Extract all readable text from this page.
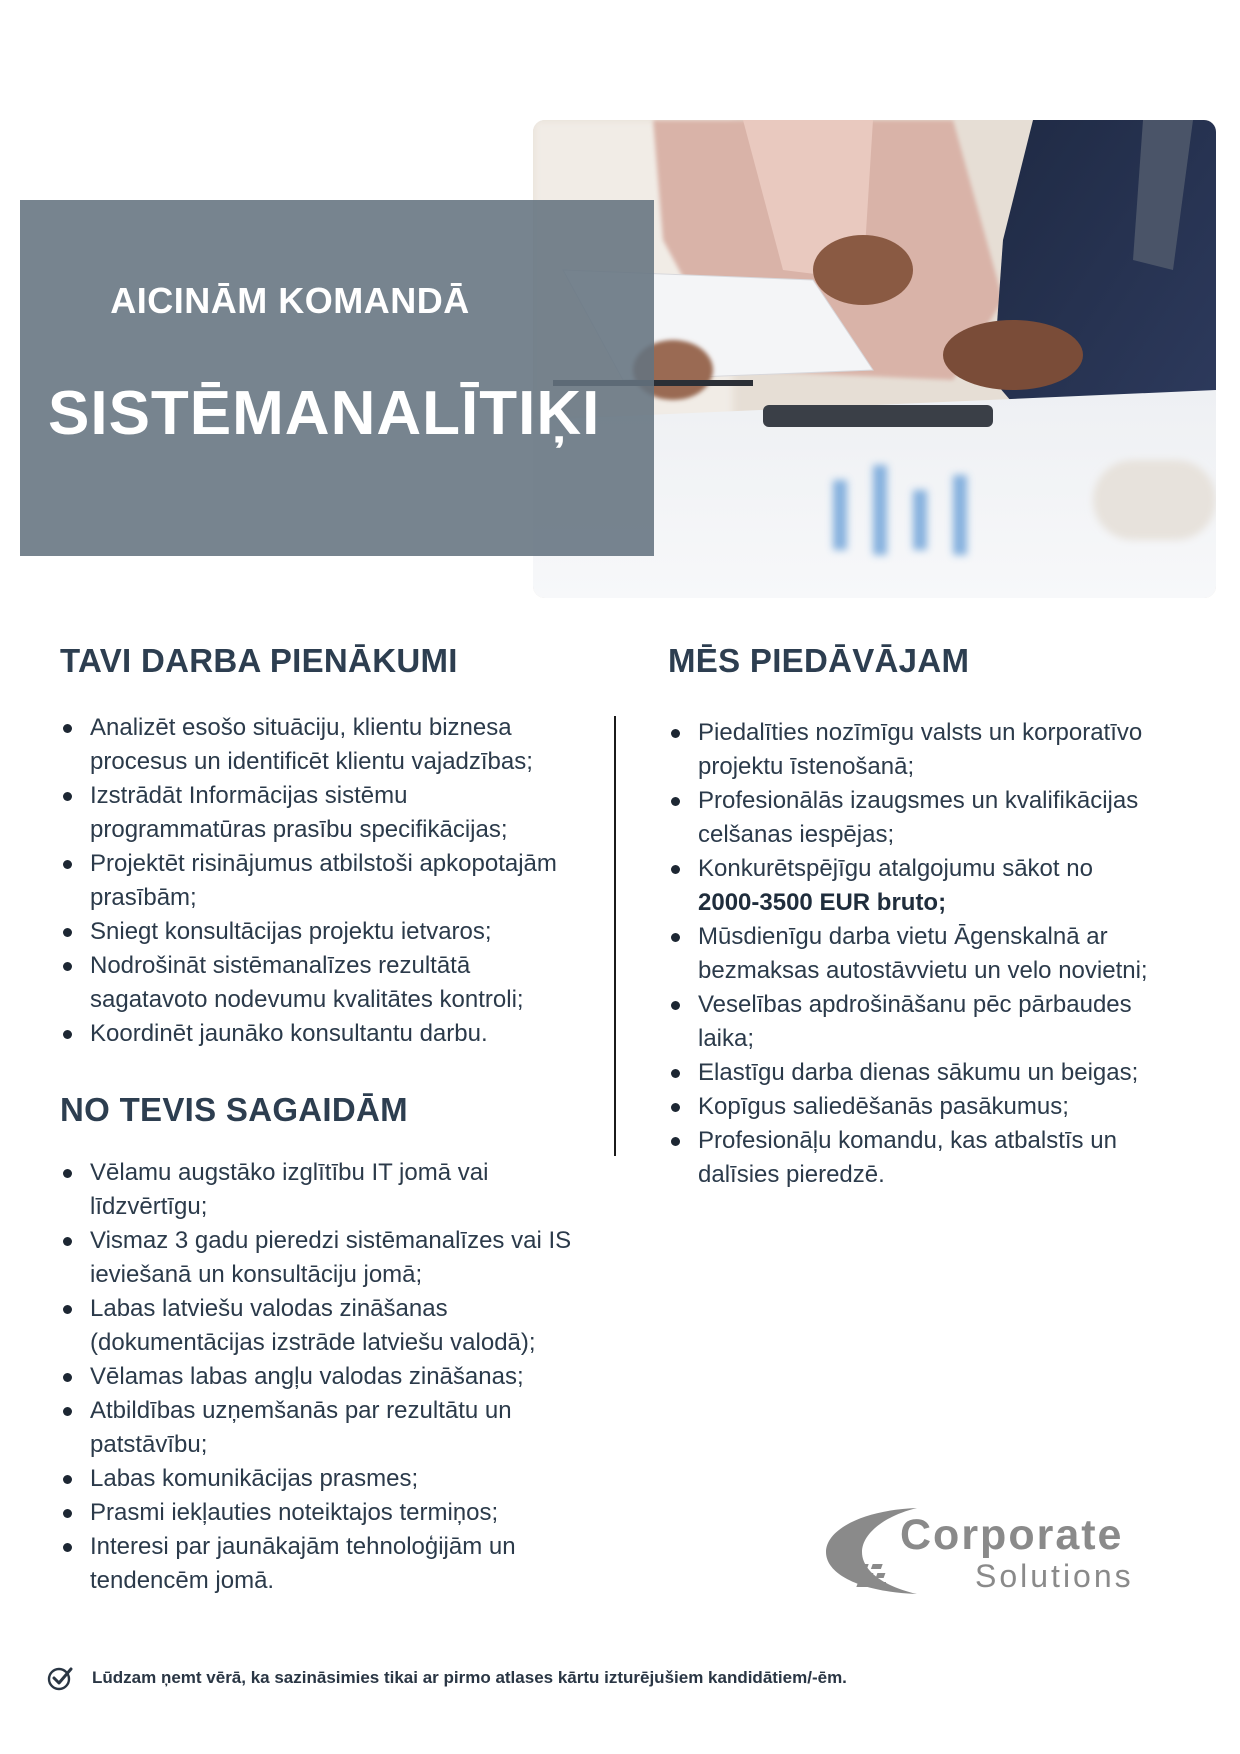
AICINĀM KOMANDĀ
SISTĒMANALĪTIĶI
TAVI DARBA PIENĀKUMI
Analizēt esošo situāciju, klientu biznesa procesus un identificēt klientu vajadzības;
Izstrādāt Informācijas sistēmu programmatūras prasību specifikācijas;
Projektēt risinājumus atbilstoši apkopotajām prasībām;
Sniegt konsultācijas projektu ietvaros;
Nodrošināt sistēmanalīzes rezultātā sagatavoto nodevumu kvalitātes kontroli;
Koordinēt jaunāko konsultantu darbu.
NO TEVIS SAGAIDĀM
Vēlamu augstāko izglītību IT jomā vai līdzvērtīgu;
Vismaz 3 gadu pieredzi sistēmanalīzes vai IS ieviešanā un konsultāciju jomā;
Labas latviešu valodas zināšanas (dokumentācijas izstrāde latviešu valodā);
Vēlamas labas angļu valodas zināšanas;
Atbildības uzņemšanās par rezultātu un patstāvību;
Labas komunikācijas prasmes;
Prasmi iekļauties noteiktajos termiņos;
Interesi par jaunākajām tehnoloģijām un tendencēm jomā.
MĒS PIEDĀVĀJAM
Piedalīties nozīmīgu valsts un korporatīvo projektu īstenošanā;
Profesionālās izaugsmes un kvalifikācijas celšanas iespējas;
Konkurētspējīgu atalgojumu sākot no
2000-3500 EUR bruto;
Mūsdienīgu darba vietu Āgenskalnā ar bezmaksas autostāvvietu un velo novietni;
Veselības apdrošināšanu pēc pārbaudes laika;
Elastīgu darba dienas sākumu un beigas;
Kopīgus saliedēšanās pasākumus;
Profesionāļu komandu, kas atbalstīs un dalīsies pieredzē.
Corporate
Solutions
Lūdzam ņemt vērā, ka sazināsimies tikai ar pirmo atlases kārtu izturējušiem kandidātiem/-ēm.
